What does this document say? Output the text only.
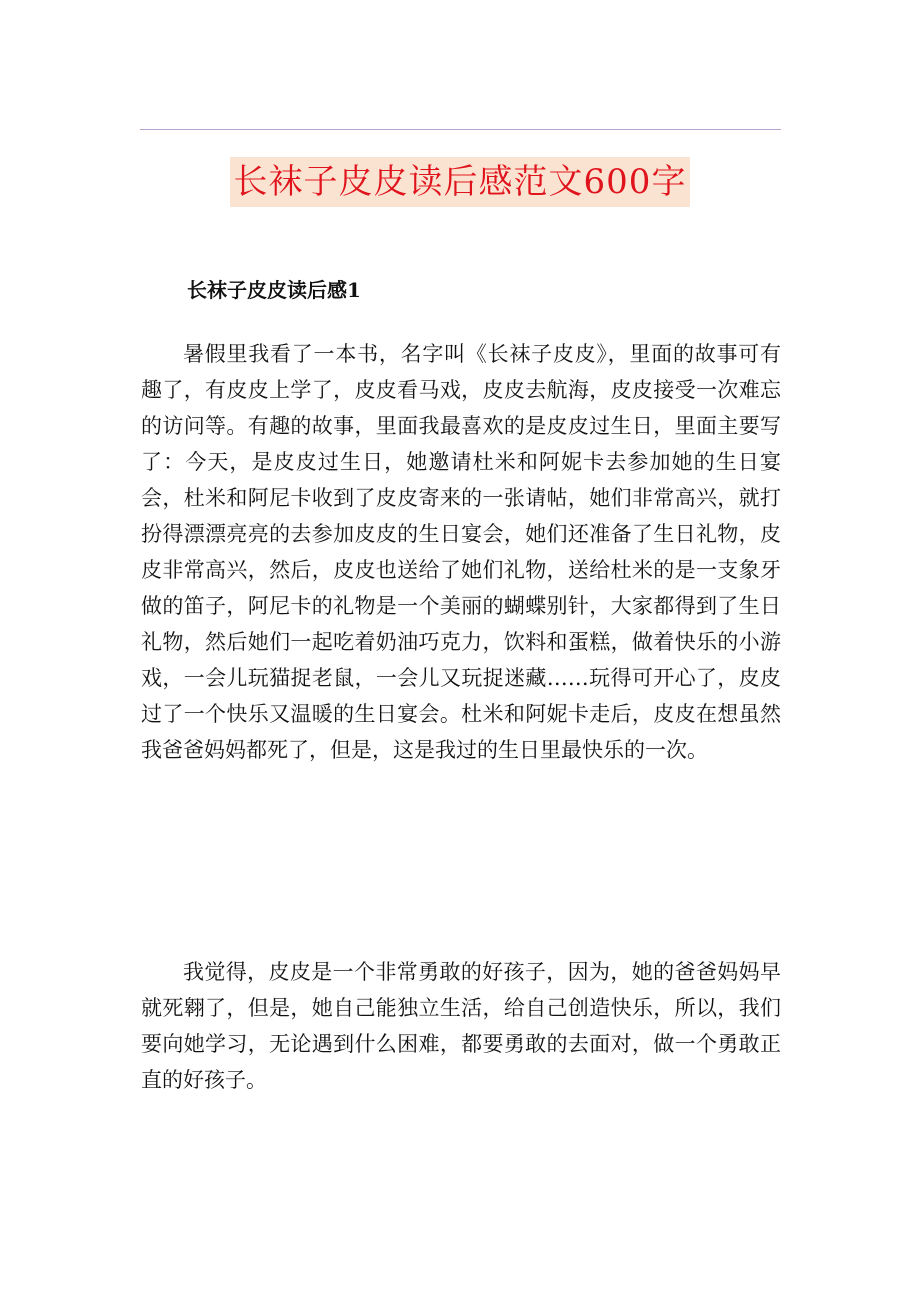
长袜子皮皮读后感范文600字
长袜子皮皮读后感1

暑假里我看了一本书，名字叫《长袜子皮皮》，里面的故事可有趣了，有皮皮上学了，皮皮看马戏，皮皮去航海，皮皮接受一次难忘的访问等。有趣的故事，里面我最喜欢的是皮皮过生日，里面主要写了：今天，是皮皮过生日，她邀请杜米和阿妮卡去参加她的生日宴会，杜米和阿尼卡收到了皮皮寄来的一张请帖，她们非常高兴，就打扮得漂漂亮亮的去参加皮皮的生日宴会，她们还准备了生日礼物，皮皮非常高兴，然后，皮皮也送给了她们礼物，送给杜米的是一支象牙做的笛子，阿尼卡的礼物是一个美丽的蝴蝶别针，大家都得到了生日礼物，然后她们一起吃着奶油巧克力，饮料和蛋糕，做着快乐的小游戏，一会儿玩猫捉老鼠，一会儿又玩捉迷藏……玩得可开心了，皮皮过了一个快乐又温暖的生日宴会。杜米和阿妮卡走后，皮皮在想虽然我爸爸妈妈都死了，但是，这是我过的生日里最快乐的一次。

我觉得，皮皮是一个非常勇敢的好孩子，因为，她的爸爸妈妈早就死翱了，但是，她自己能独立生活，给自己创造快乐，所以，我们要向她学习，无论遇到什么困难，都要勇敢的去面对，做一个勇敢正直的好孩子。
